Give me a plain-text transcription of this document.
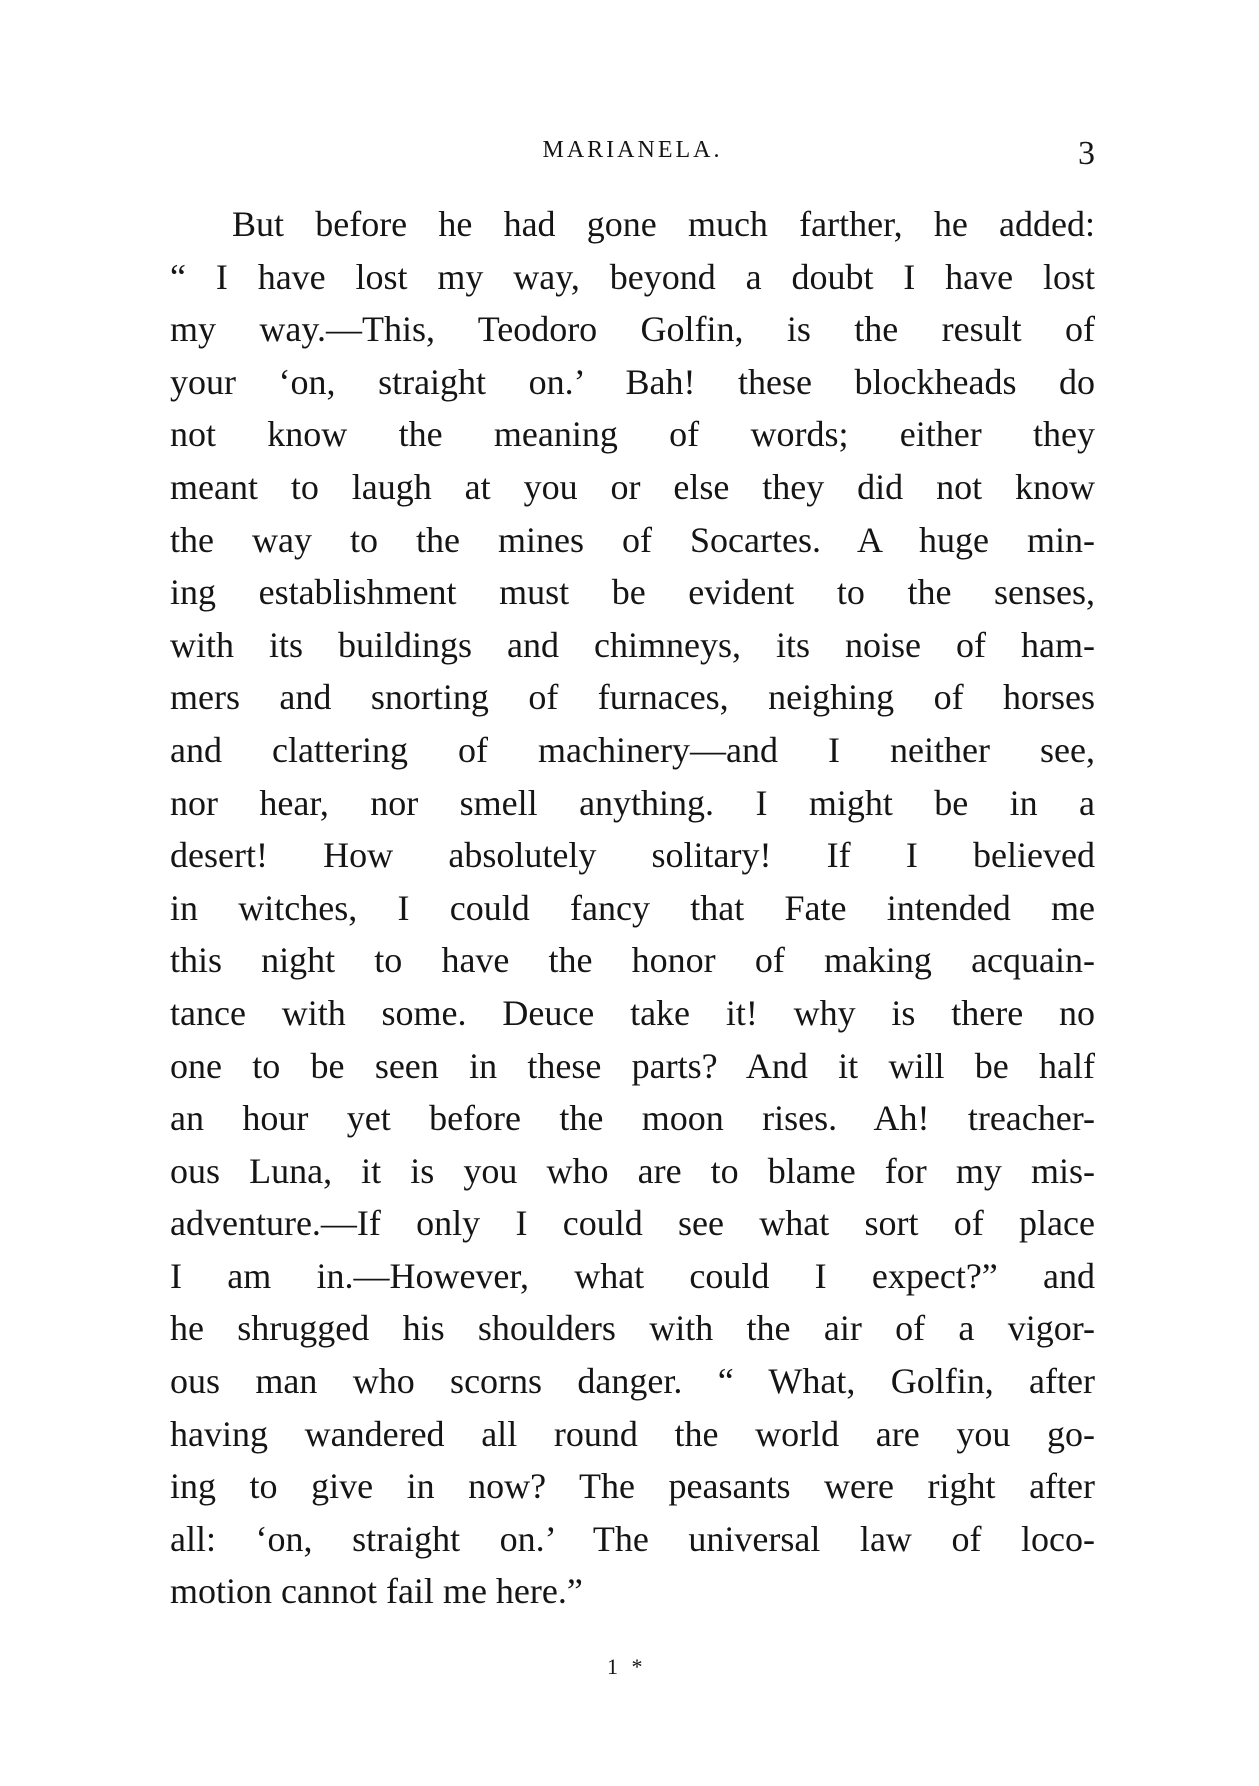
MARIANELA.	3
But before he had gone much farther, he added:
“ I have lost my way, beyond a doubt I have lost
my way.—This, Teodoro Golfin, is the result of
your ‘on, straight on.’ Bah! these blockheads do
not know the meaning of words; either they
meant to laugh at you or else they did not know
the way to the mines of Socartes. A huge min-
ing establishment must be evident to the senses,
with its buildings and chimneys, its noise of ham-
mers and snorting of furnaces, neighing of horses
and clattering of machinery—and I neither see,
nor hear, nor smell anything. I might be in a
desert! How absolutely solitary! If I believed
in witches, I could fancy that Fate intended me
this night to have the honor of making acquain-
tance with some. Deuce take it! why is there no
one to be seen in these parts? And it will be half
an hour yet before the moon rises. Ah! treacher-
ous Luna, it is you who are to blame for my mis-
adventure.—If only I could see what sort of place
I am in.—However, what could I expect?” and
he shrugged his shoulders with the air of a vigor-
ous man who scorns danger. “ What, Golfin, after
having wandered all round the world are you go-
ing to give in now? The peasants were right after
all: ‘on, straight on.’ The universal law of loco-
motion cannot fail me here.”
1 *
